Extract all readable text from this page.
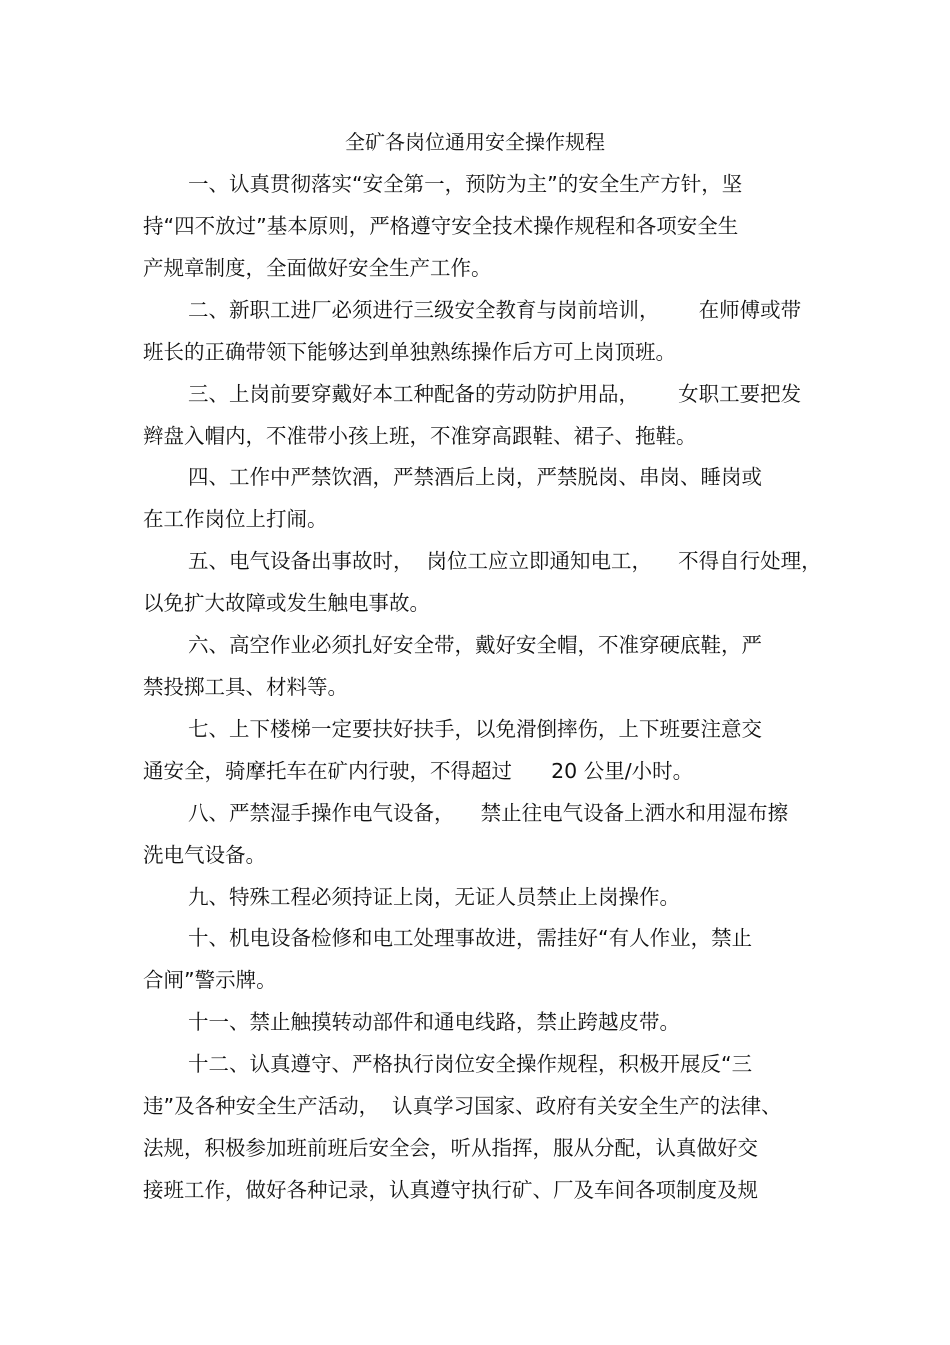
全矿各岗位通用安全操作规程
一、认真贯彻落实“安全第一，预防为主”的安全生产方针，坚
持“四不放过”基本原则，严格遵守安全技术操作规程和各项安全生
产规章制度，全面做好安全生产工作。
二、新职工进厂必须进行三级安全教育与岗前培训，      在师傅或带
班长的正确带领下能够达到单独熟练操作后方可上岗顶班。
三、上岗前要穿戴好本工种配备的劳动防护用品，      女职工要把发
辫盘入帽内，不准带小孩上班，不准穿高跟鞋、裙子、拖鞋。
四、工作中严禁饮酒，严禁酒后上岗，严禁脱岗、串岗、睡岗或
在工作岗位上打闹。
五、电气设备出事故时，  岗位工应立即通知电工，    不得自行处理，
以免扩大故障或发生触电事故。
六、高空作业必须扎好安全带，戴好安全帽，不准穿硬底鞋，严
禁投掷工具、材料等。
七、上下楼梯一定要扶好扶手，以免滑倒摔伤，上下班要注意交
通安全，骑摩托车在矿内行驶，不得超过      20 公里/小时。
八、严禁湿手操作电气设备，    禁止往电气设备上洒水和用湿布擦
洗电气设备。
九、特殊工程必须持证上岗，无证人员禁止上岗操作。
十、机电设备检修和电工处理事故进，需挂好“有人作业，禁止
合闸”警示牌。
十一、禁止触摸转动部件和通电线路，禁止跨越皮带。
十二、认真遵守、严格执行岗位安全操作规程，积极开展反“三
违”及各种安全生产活动，  认真学习国家、政府有关安全生产的法律、
法规，积极参加班前班后安全会，听从指挥，服从分配，认真做好交
接班工作，做好各种记录，认真遵守执行矿、厂及车间各项制度及规
